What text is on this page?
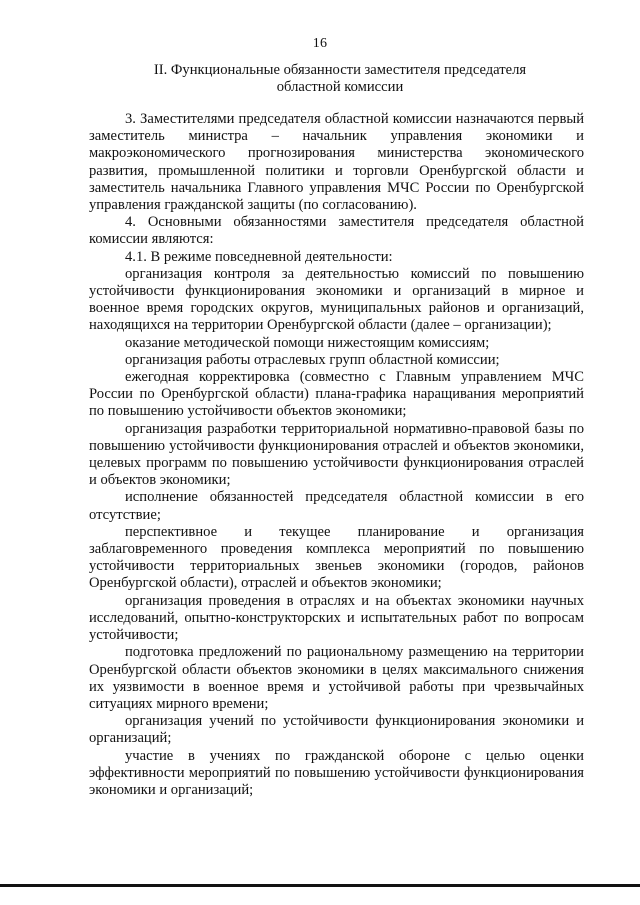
16
II. Функциональные обязанности заместителя председателя
областной комиссии

3. Заместителями председателя областной комиссии назначаются первый заместитель министра – начальник управления экономики и макроэкономического прогнозирования министерства экономического развития, промышленной политики и торговли Оренбургской области и заместитель начальника Главного управления МЧС России по Оренбургской управления гражданской защиты (по согласованию).

4. Основными обязанностями заместителя председателя областной комиссии являются:

4.1. В режиме повседневной деятельности:

организация контроля за деятельностью комиссий по повышению устойчивости функционирования экономики и организаций в мирное и военное время городских округов, муниципальных районов и организаций, находящихся на территории Оренбургской области (далее – организации);

оказание методической помощи нижестоящим комиссиям;

организация работы отраслевых групп областной комиссии;

ежегодная корректировка (совместно с Главным управлением МЧС России по Оренбургской области) плана-графика наращивания мероприятий по повышению устойчивости объектов экономики;

организация разработки территориальной нормативно-правовой базы по повышению устойчивости функционирования отраслей и объектов экономики, целевых программ по повышению устойчивости функционирования отраслей и объектов экономики;

исполнение обязанностей председателя областной комиссии в его отсутствие;

перспективное и текущее планирование и организация заблаговременного проведения комплекса мероприятий по повышению устойчивости территориальных звеньев экономики (городов, районов Оренбургской области), отраслей и объектов экономики;

организация проведения в отраслях и на объектах экономики научных исследований, опытно-конструкторских и испытательных работ по вопросам устойчивости;

подготовка предложений по рациональному размещению на территории Оренбургской области объектов экономики в целях максимального снижения их уязвимости в военное время и устойчивой работы при чрезвычайных ситуациях мирного времени;

организация учений по устойчивости функционирования экономики и организаций;

участие в учениях по гражданской обороне с целью оценки эффективности мероприятий по повышению устойчивости функционирования экономики и организаций;
